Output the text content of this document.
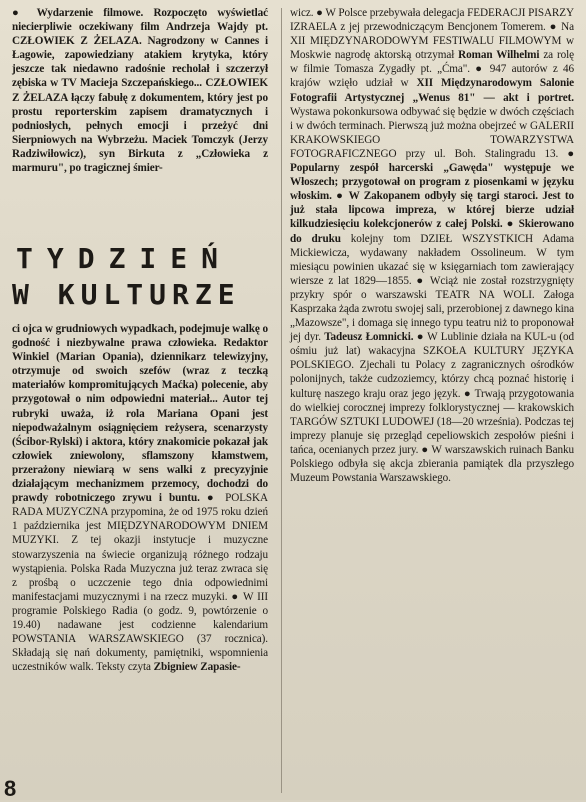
● Wydarzenie filmowe. Rozpoczęto wyświetlać niecierpliwie oczekiwany film Andrzeja Wajdy pt. CZŁOWIEK Z ŻELAZA. Nagrodzony w Cannes i Łagowie, zapowiedziany atakiem krytyka, który jeszcze tak niedawno radośnie recholał i szczerzył zębiska w TV Macieja Szczepańskiego... CZŁOWIEK Z ŻELAZA łączy fabułę z dokumentem, który jest po prostu reporterskim zapisem dramatycznych i podniosłych, pełnych emocji i przeżyć dni Sierpniowych na Wybrzeżu. Maciek Tomczyk (Jerzy Radziwiłowicz), syn Birkuta z „Człowieka z marmuru", po tragicznej śmier-

TYDZIEŃ
W KULTURZE

ci ojca w grudniowych wypadkach, podejmuje walkę o godność i niezbywalne prawa człowieka. Redaktor Winkiel (Marian Opania), dziennikarz telewizyjny, otrzymuje od swoich szefów (wraz z teczką materiałów kompromitujących Maćka) polecenie, aby przygotował o nim odpowiedni materiał... Autor tej rubryki uważa, iż rola Mariana Opani jest niepodważalnym osiągnięciem reżysera, scenarzysty (Ścibor-Rylski) i aktora, który znakomicie pokazał jak człowiek zniewolony, sflamszony kłamstwem, przerażony niewiarą w sens walki z precyzyjnie działającym mechanizmem przemocy, dochodzi do prawdy robotniczego zrywu i buntu. ● POLSKA RADA MUZYCZNA przypomina, że od 1975 roku dzień 1 października jest MIĘDZYNARODOWYM DNIEM MUZYKI. Z tej okazji instytucje i muzyczne stowarzyszenia na świecie organizują różnego rodzaju wystąpienia. Polska Rada Muzyczna już teraz zwraca się z prośbą o uczczenie tego dnia odpowiednimi manifestacjami muzycznymi i na rzecz muzyki. ● W III programie Polskiego Radia (o godz. 9, powtórzenie o 19.40) nadawane jest codzienne kalendarium POWSTANIA WARSZAWSKIEGO (37 rocznica). Składają się nań dokumenty, pamiętniki, wspomnienia uczestników walk. Teksty czyta Zbigniew Zapasie-

wicz. ● W Polsce przebywała delegacja FEDERACJI PISARZY IZRAELA z jej przewodniczącym Bencjonem Tomerem. ● Na XII MIĘDZYNARODOWYM FESTIWALU FILMOWYM w Moskwie nagrodę aktorską otrzymał Roman Wilhelmi za rolę w filmie Tomasza Zygadły pt. „Ćma". ● 947 autorów z 46 krajów wzięło udział w XII Międzynarodowym Salonie Fotografii Artystycznej „Wenus 81" — akt i portret. Wystawa pokonkursowa odbywać się będzie w dwóch częściach i w dwóch terminach. Pierwszą już można obejrzeć w GALERII KRAKOWSKIEGO TOWARZYSTWA FOTOGRAFICZNEGO przy ul. Boh. Stalingradu 13. ● Popularny zespół harcerski „Gawęda" występuje we Włoszech; przygotował on program z piosenkami w języku włoskim. ● W Zakopanem odbyły się targi staroci. Jest to już stała lipcowa impreza, w której bierze udział kilkudziesięciu kolekcjonerów z całej Polski. ● Skierowano do druku kolejny tom DZIEŁ WSZYSTKICH Adama Mickiewicza, wydawany nakładem Ossolineum. W tym miesiącu powinien ukazać się w księgarniach tom zawierający wiersze z lat 1829—1855. ● Wciąż nie został rozstrzygnięty przykry spór o warszawski TEATR NA WOLI. Załoga Kasprzaka żąda zwrotu swojej sali, przerobionej z dawnego kina „Mazowsze", i domaga się innego typu teatru niż to proponował jej dyr. Tadeusz Łomnicki. ● W Lublinie działa na KUL-u (od ośmiu już lat) wakacyjna SZKOŁA KULTURY JĘZYKA POLSKIEGO. Zjechali tu Polacy z zagranicznych ośrodków polonijnych, także cudzoziemcy, którzy chcą poznać historię i kulturę naszego kraju oraz jego język. ● Trwają przygotowania do wielkiej corocznej imprezy folklorystycznej — krakowskich TARGÓW SZTUKI LUDOWEJ (18—20 września). Podczas tej imprezy planuje się przegląd cepeliowskich zespołów pieśni i tańca, ocenianych przez jury. ● W warszawskich ruinach Banku Polskiego odbyła się akcja zbierania pamiątek dla przyszłego Muzeum Powstania Warszawskiego.

8
